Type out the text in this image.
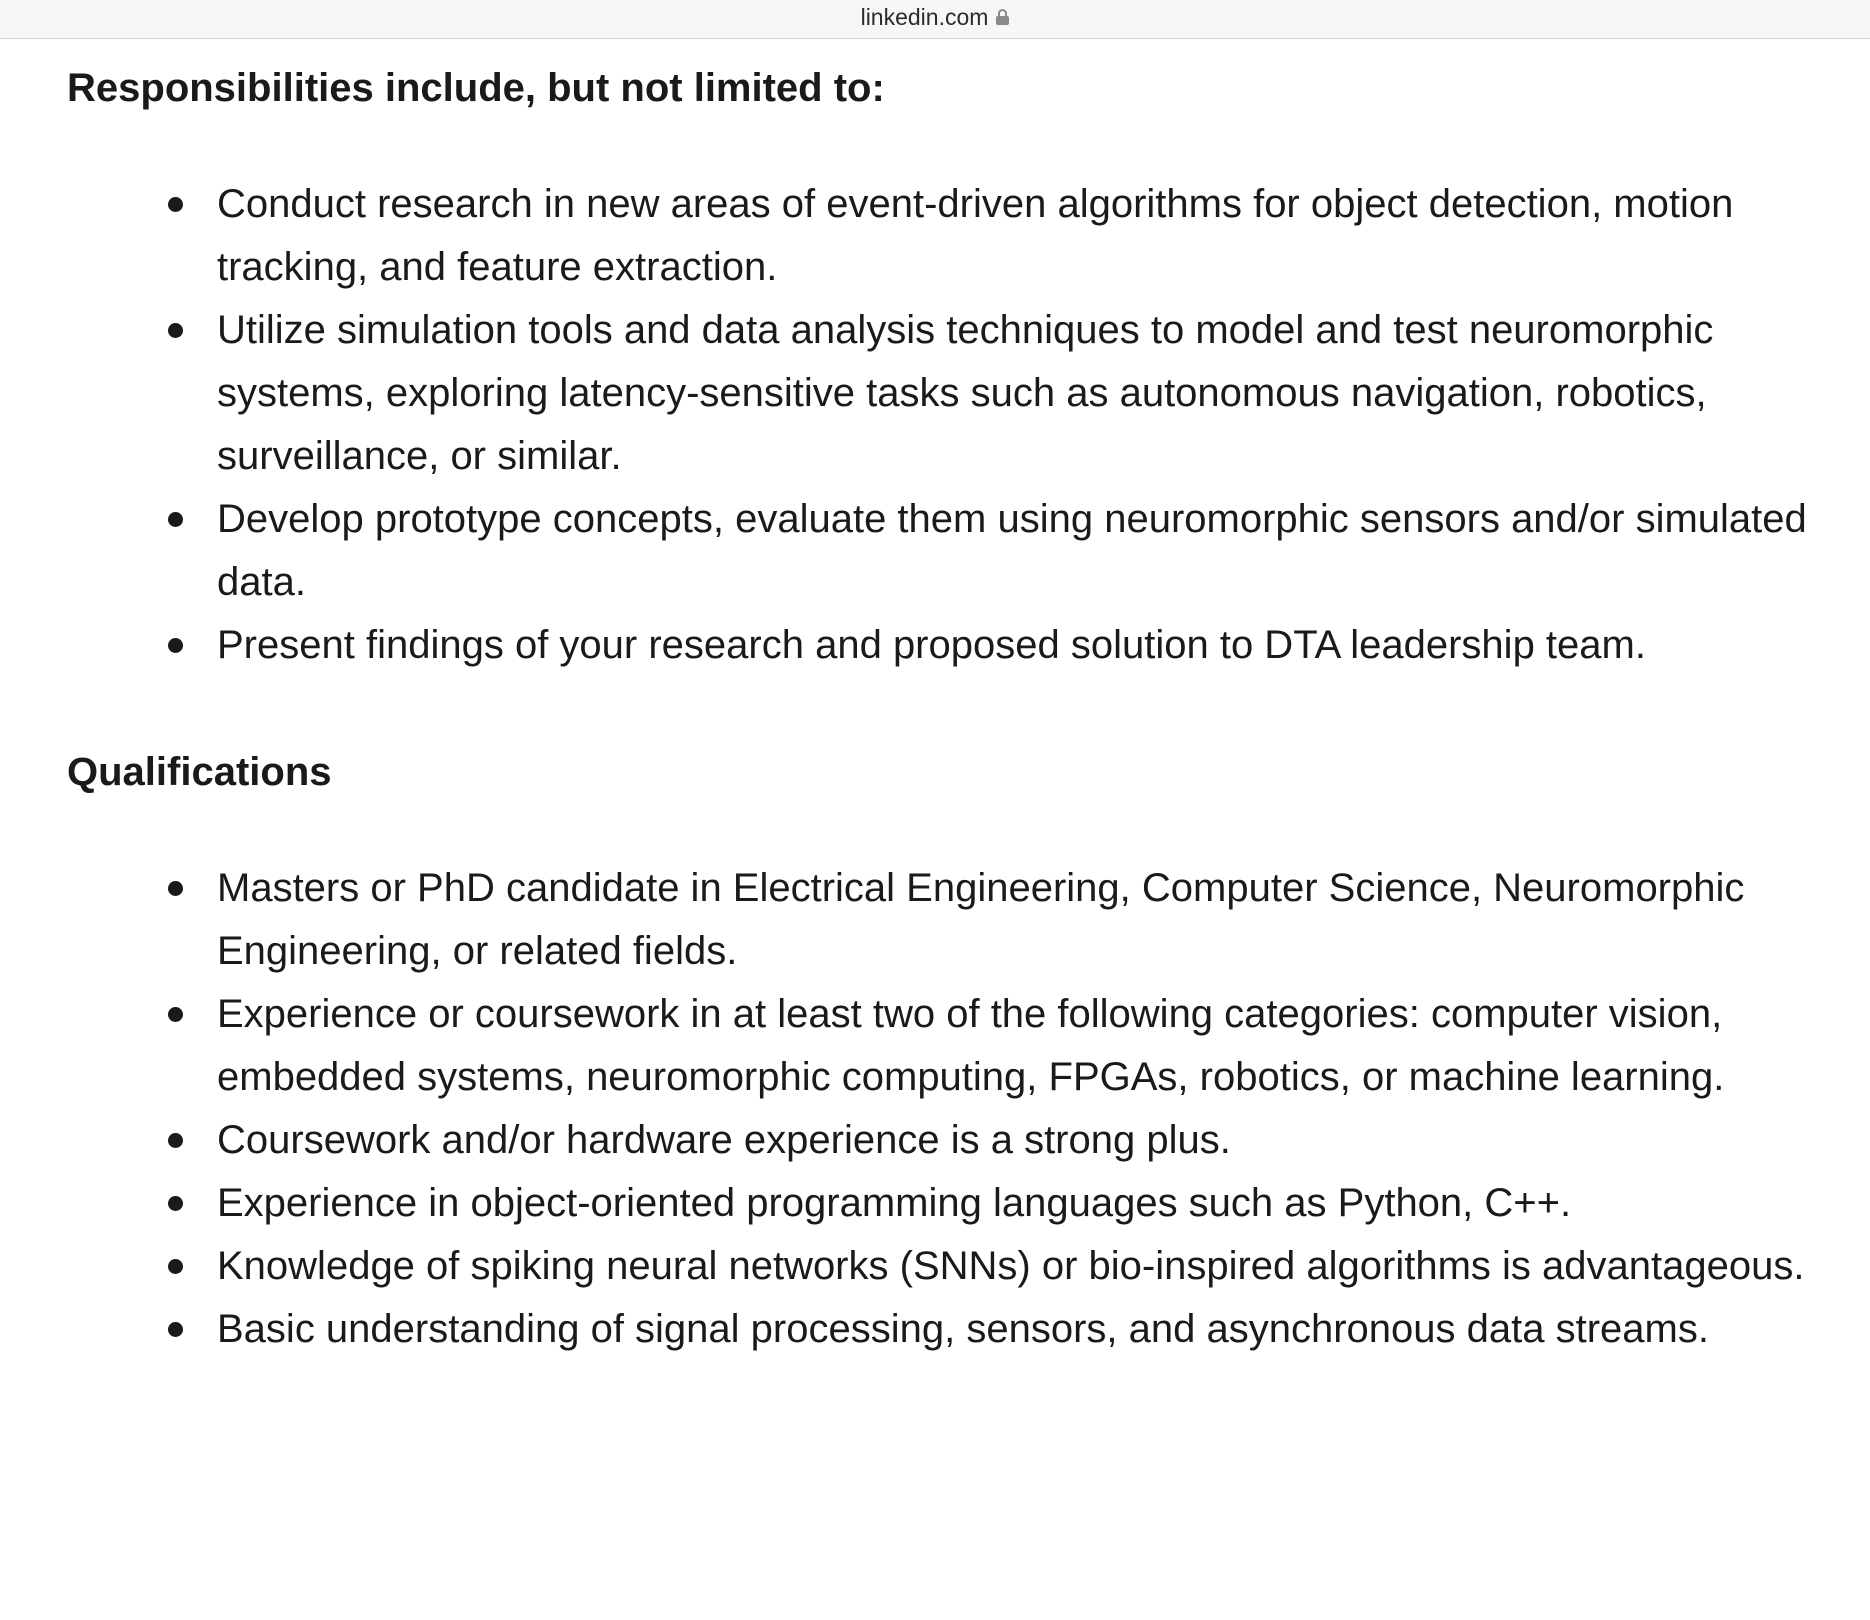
linkedin.com
Responsibilities include, but not limited to:
Conduct research in new areas of event-driven algorithms for object detection, motion tracking, and feature extraction.
Utilize simulation tools and data analysis techniques to model and test neuromorphic systems, exploring latency-sensitive tasks such as autonomous navigation, robotics, surveillance, or similar.
Develop prototype concepts, evaluate them using neuromorphic sensors and/or simulated data.
Present findings of your research and proposed solution to DTA leadership team.
Qualifications
Masters or PhD candidate in Electrical Engineering, Computer Science, Neuromorphic Engineering, or related fields.
Experience or coursework in at least two of the following categories: computer vision, embedded systems, neuromorphic computing, FPGAs, robotics, or machine learning.
Coursework and/or hardware experience is a strong plus.
Experience in object-oriented programming languages such as Python, C++.
Knowledge of spiking neural networks (SNNs) or bio-inspired algorithms is advantageous.
Basic understanding of signal processing, sensors, and asynchronous data streams.
